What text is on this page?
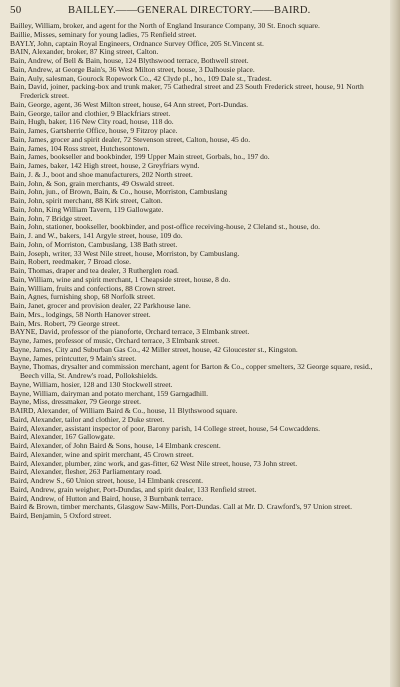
50	BAILLEY.——GENERAL DIRECTORY.——BAIRD.
Bailley, William, broker, and agent for the North of England Insurance Company, 30 St. Enoch square.
Baillie, Misses, seminary for young ladies, 75 Renfield street.
BAYLY, John, captain Royal Engineers, Ordnance Survey Office, 205 St.Vincent st.
BAIN, Alexander, broker, 87 King street, Calton.
Bain, Andrew, of Bell & Bain, house, 124 Blythswood terrace, Bothwell street.
Bain, Andrew, at George Bain's, 36 West Milton street, house, 3 Dalhousie place.
Bain, Auly, salesman, Gourock Ropework Co., 42 Clyde pl., ho., 109 Dale st., Tradest.
Bain, David, joiner, packing-box and trunk maker, 75 Cathedral street and 23 South Frederick street, house, 91 North Frederick street.
Bain, George, agent, 36 West Milton street, house, 64 Ann street, Port-Dundas.
Bain, George, tailor and clothier, 9 Blackfriars street.
Bain, Hugh, baker, 116 New City road, house, 118 do.
Bain, James, Gartsherrie Office, house, 9 Fitzroy place.
Bain, James, grocer and spirit dealer, 72 Stevenson street, Calton, house, 45 do.
Bain, James, 104 Ross street, Hutchesontown.
Bain, James, bookseller and bookbinder, 199 Upper Main street, Gorbals, ho., 197 do.
Bain, James, baker, 142 High street, house, 2 Greyfriars wynd.
Bain, J. & J., boot and shoe manufacturers, 202 North street.
Bain, John, & Son, grain merchants, 49 Oswald street.
Bain, John, jun., of Brown, Bain, & Co., house, Morriston, Cambuslang
Bain, John, spirit merchant, 88 Kirk street, Calton.
Bain, John, King William Tavern, 119 Gallowgate.
Bain, John, 7 Bridge street.
Bain, John, stationer, bookseller, bookbinder, and post-office receiving-house, 2 Cleland st., house, do.
Bain, J. and W., bakers, 141 Argyle street, house, 109 do.
Bain, John, of Morriston, Cambuslang, 138 Bath street.
Bain, Joseph, writer, 33 West Nile street, house, Morriston, by Cambuslang.
Bain, Robert, reedmaker, 7 Broad close.
Bain, Thomas, draper and tea dealer, 3 Rutherglen road.
Bain, William, wine and spirit merchant, 1 Cheapside street, house, 8 do.
Bain, William, fruits and confections, 88 Crown street.
Bain, Agnes, furnishing shop, 68 Norfolk street.
Bain, Janet, grocer and provision dealer, 22 Parkhouse lane.
Bain, Mrs., lodgings, 58 North Hanover street.
Bain, Mrs. Robert, 79 George street.
BAYNE, David, professor of the pianoforte, Orchard terrace, 3 Elmbank street.
Bayne, James, professor of music, Orchard terrace, 3 Elmbank street.
Bayne, James, City and Suburban Gas Co., 42 Miller street, house, 42 Gloucester st., Kingston.
Bayne, James, printcutter, 9 Main's street.
Bayne, Thomas, drysalter and commission merchant, agent for Barton & Co., copper smelters, 32 George square, resid., Beech villa, St. Andrew's road, Pollokshields.
Bayne, William, hosier, 128 and 130 Stockwell street.
Bayne, William, dairyman and potato merchant, 159 Garngadhill.
Bayne, Miss, dressmaker, 79 George street.
BAIRD, Alexander, of William Baird & Co., house, 11 Blythswood square.
Baird, Alexander, tailor and clothier, 2 Duke street.
Baird, Alexander, assistant inspector of poor, Barony parish, 14 College street, house, 54 Cowcaddens.
Baird, Alexander, 167 Gallowgate.
Baird, Alexander, of John Baird & Sons, house, 14 Elmbank crescent.
Baird, Alexander, wine and spirit merchant, 45 Crown street.
Baird, Alexander, plumber, zinc work, and gas-fitter, 62 West Nile street, house, 73 John street.
Baird, Alexander, flesher, 263 Parliamentary road.
Baird, Andrew S., 60 Union street, house, 14 Elmbank crescent.
Baird, Andrew, grain weigher, Port-Dundas, and spirit dealer, 133 Renfield street.
Baird, Andrew, of Hutton and Baird, house, 3 Burnbank terrace.
Baird & Brown, timber merchants, Glasgow Saw-Mills, Port-Dundas. Call at Mr. D. Crawford's, 97 Union street.
Baird, Benjamin, 5 Oxford street.
